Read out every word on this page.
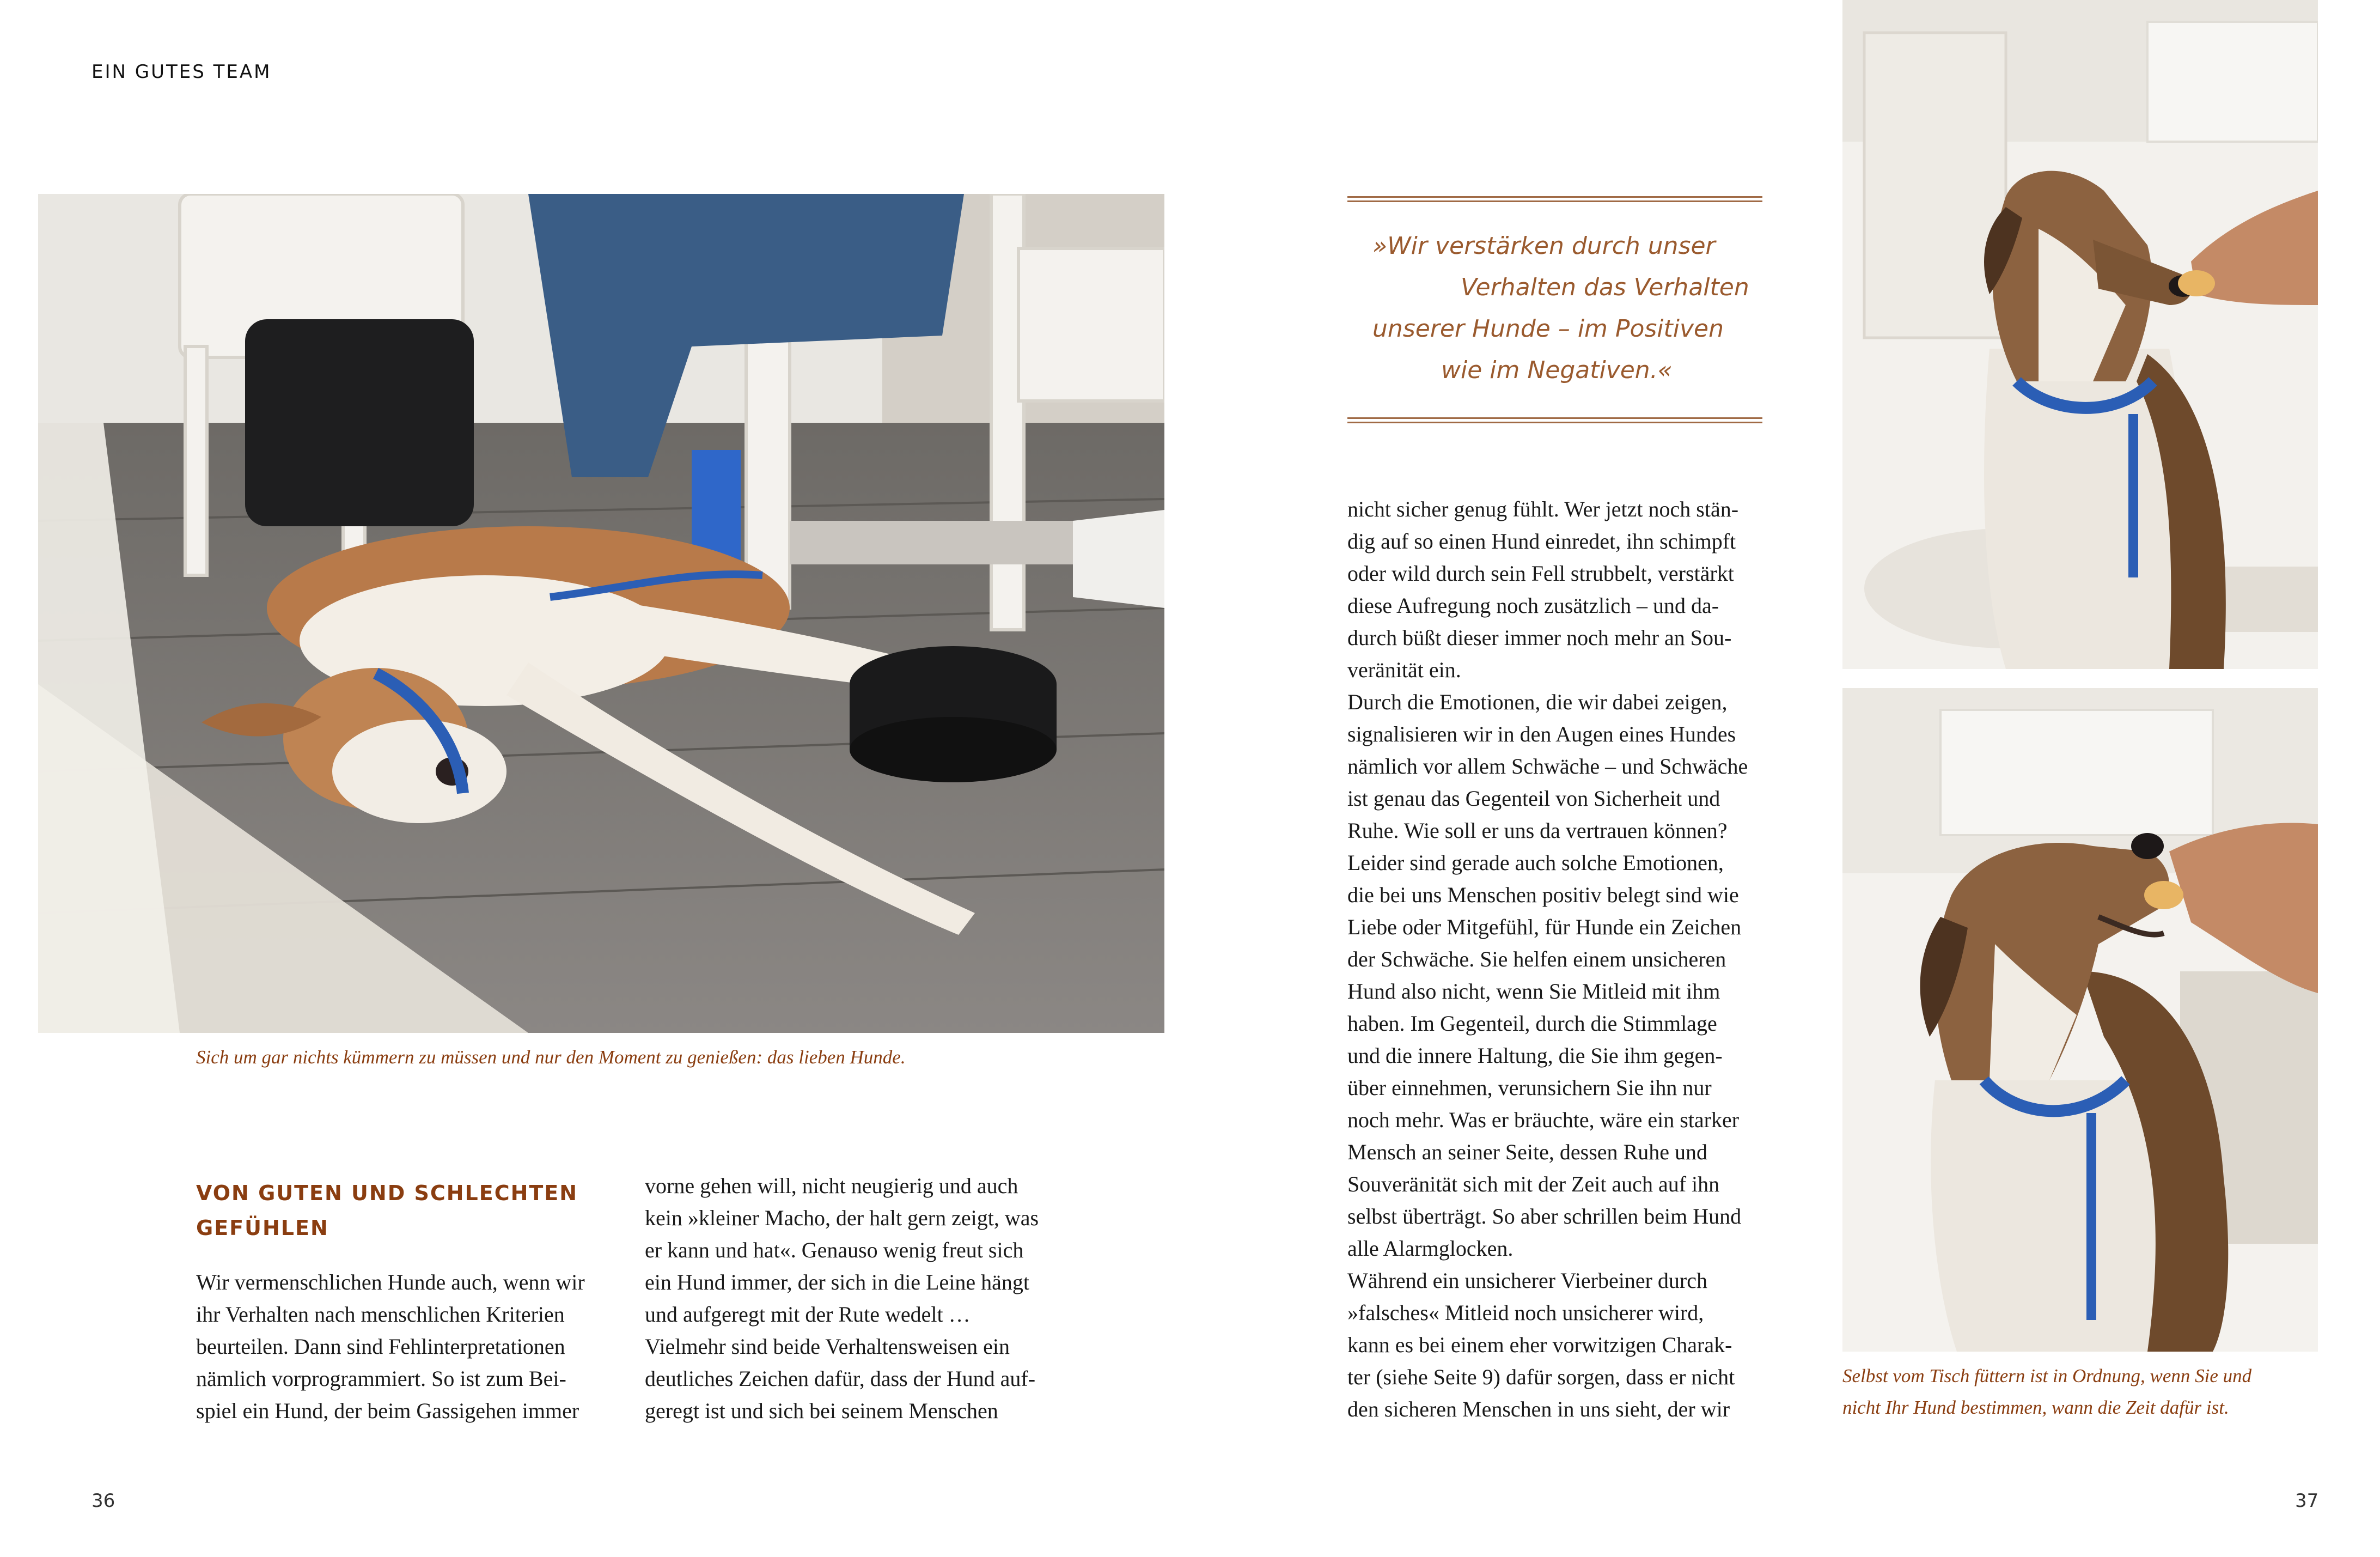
EIN GUTES TEAM
Sich um gar nichts kümmern zu müssen und nur den Moment zu genießen: das lieben Hunde.
VON GUTEN UND SCHLECHTEN
GEFÜHLEN

Wir vermenschlichen Hunde auch, wenn wir

ihr Verhalten nach menschlichen Kriterien

beurteilen. Dann sind Fehlinterpretationen

nämlich vorprogrammiert. So ist zum Bei-

spiel ein Hund, der beim Gassigehen immer

vorne gehen will, nicht neugierig und auch

kein »kleiner Macho, der halt gern zeigt, was

er kann und hat«. Genauso wenig freut sich

ein Hund immer, der sich in die Leine hängt

und aufgeregt mit der Rute wedelt …

Vielmehr sind beide Verhaltensweisen ein

deutliches Zeichen dafür, dass der Hund auf-

geregt ist und sich bei seinem Menschen

»Wir verstärken durch unser

Verhalten das Verhalten

unserer Hunde – im Positiven

wie im Negativen.«

nicht sicher genug fühlt. Wer jetzt noch stän-

dig auf so einen Hund einredet, ihn schimpft

oder wild durch sein Fell strubbelt, verstärkt

diese Aufregung noch zusätzlich – und da-

durch büßt dieser immer noch mehr an Sou-

veränität ein.

Durch die Emotionen, die wir dabei zeigen,

signalisieren wir in den Augen eines Hundes

nämlich vor allem Schwäche – und Schwäche

ist genau das Gegenteil von Sicherheit und

Ruhe. Wie soll er uns da vertrauen können?

Leider sind gerade auch solche Emotionen,

die bei uns Menschen positiv belegt sind wie

Liebe oder Mitgefühl, für Hunde ein Zeichen

der Schwäche. Sie helfen einem unsicheren

Hund also nicht, wenn Sie Mitleid mit ihm

haben. Im Gegenteil, durch die Stimmlage

und die innere Haltung, die Sie ihm gegen-

über einnehmen, verunsichern Sie ihn nur

noch mehr. Was er bräuchte, wäre ein starker

Mensch an seiner Seite, dessen Ruhe und

Souveränität sich mit der Zeit auch auf ihn

selbst überträgt. So aber schrillen beim Hund

alle Alarmglocken.

Während ein unsicherer Vierbeiner durch

»falsches« Mitleid noch unsicherer wird,

kann es bei einem eher vorwitzigen Charak-

ter (siehe Seite 9) dafür sorgen, dass er nicht

den sicheren Menschen in uns sieht, der wir

Selbst vom Tisch füttern ist in Ordnung, wenn Sie und
nicht Ihr Hund bestimmen, wann die Zeit dafür ist.
36	37
